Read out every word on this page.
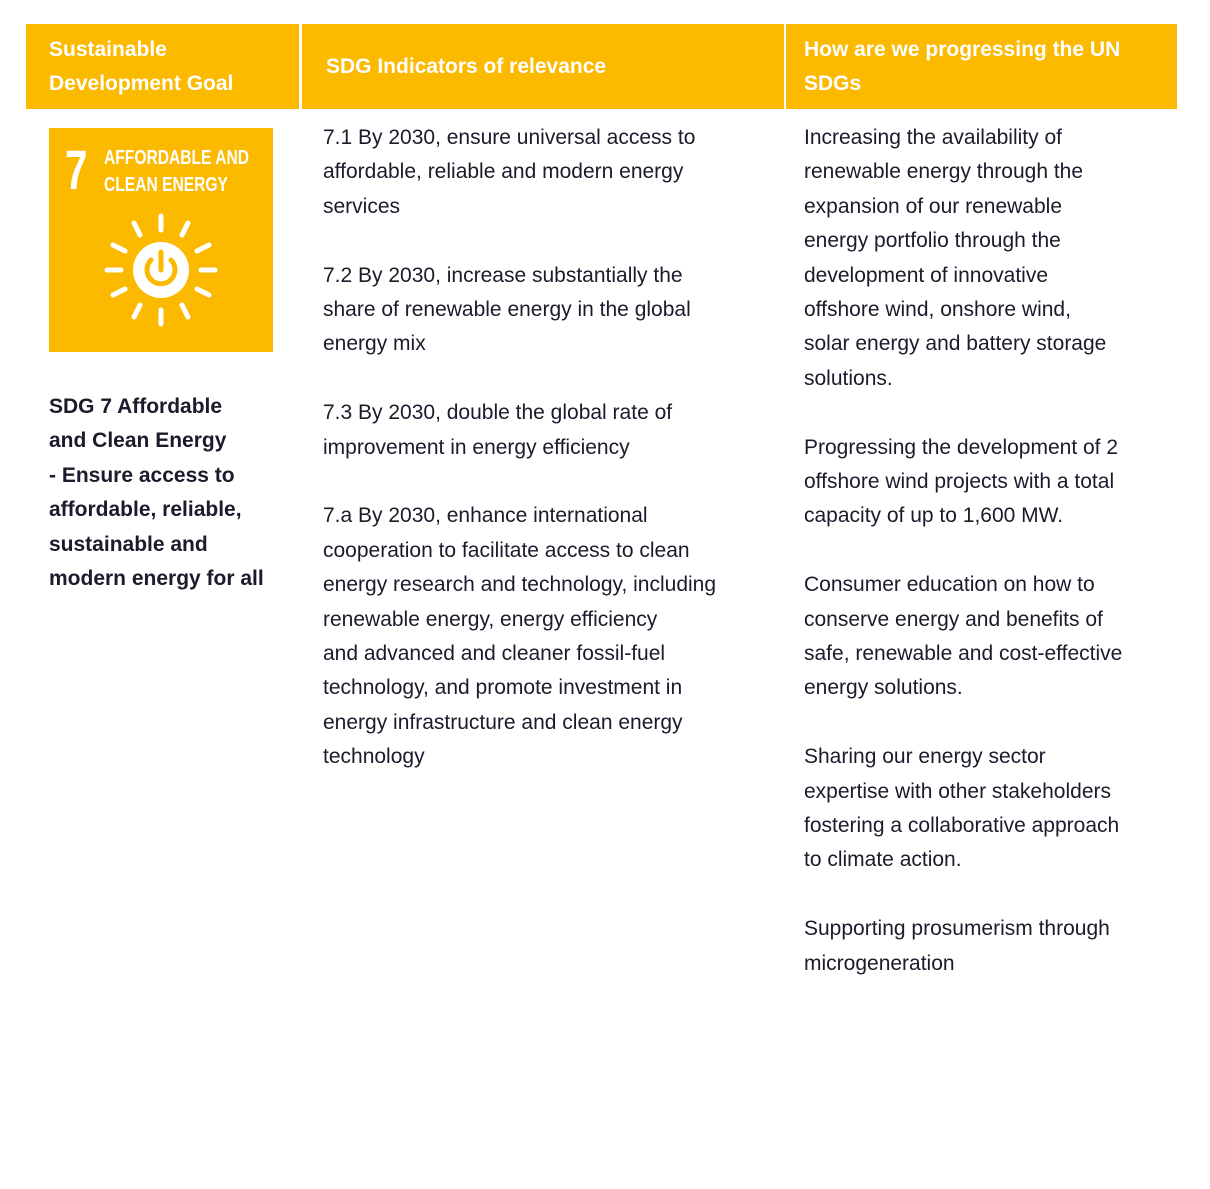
Sustainable
Development Goal
SDG Indicators of relevance
How are we progressing the UN
SDGs
7 AFFORDABLE AND
CLEAN ENERGY
SDG 7 Affordable
and Clean Energy
- Ensure access to
affordable, reliable,
sustainable and
modern energy for all

7.1 By 2030, ensure universal access to
affordable, reliable and modern energy
services

7.2 By 2030, increase substantially the
share of renewable energy in the global
energy mix

7.3 By 2030, double the global rate of
improvement in energy efficiency

7.a By 2030, enhance international
cooperation to facilitate access to clean
energy research and technology, including
renewable energy, energy efficiency
and advanced and cleaner fossil-fuel
technology, and promote investment in
energy infrastructure and clean energy
technology

Increasing the availability of
renewable energy through the
expansion of our renewable
energy portfolio through the
development of innovative
offshore wind, onshore wind,
solar energy and battery storage
solutions.

Progressing the development of 2
offshore wind projects with a total
capacity of up to 1,600 MW.

Consumer education on how to
conserve energy and benefits of
safe, renewable and cost-effective
energy solutions.

Sharing our energy sector
expertise with other stakeholders
fostering a collaborative approach
to climate action.

Supporting prosumerism through
microgeneration
